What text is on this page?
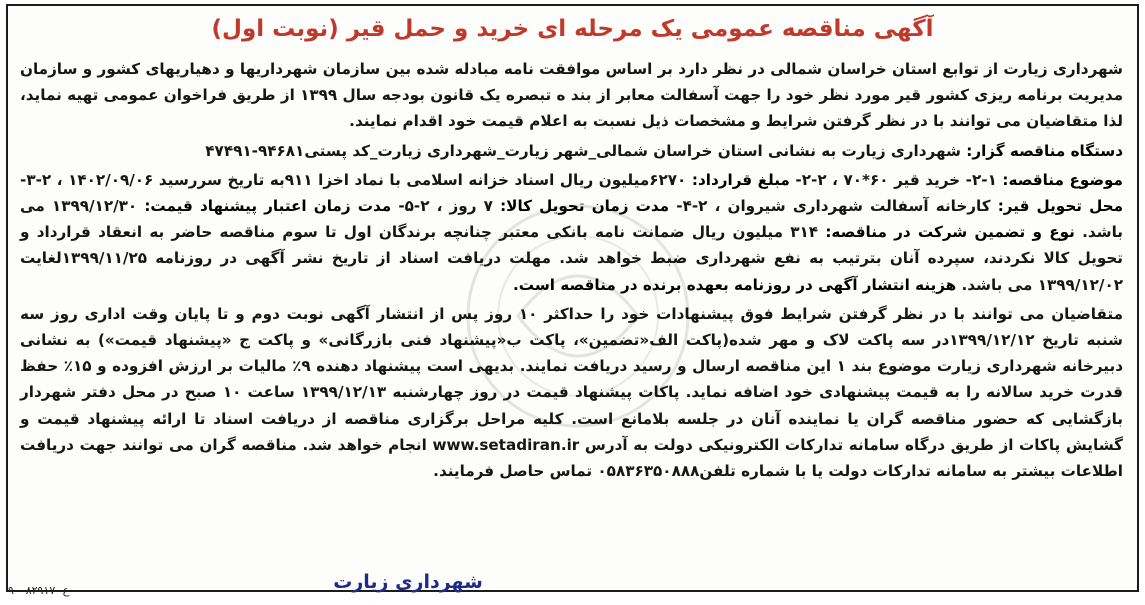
آگهی مناقصه عمومی یک مرحله ای خرید و حمل قیر (نوبت اول)

شهرداری زیارت از توابع استان خراسان شمالی در نظر دارد بر اساس موافقت نامه مبادله شده بین سازمان شهرداریها و دهیاریهای کشور و سازمان مدیریت برنامه ریزی کشور قیر مورد نظر خود را جهت آسفالت معابر از بند ه تبصره یک قانون بودجه سال ۱۳۹۹ از طریق فراخوان عمومی تهیه نماید، لذا متقاضیان می توانند با در نظر گرفتن شرایط و مشخصات ذیل نسبت به اعلام قیمت خود اقدام نمایند.

دستگاه مناقصه گزار: شهرداری زیارت به نشانی استان خراسان شمالی_شهر زیارت_شهرداری زیارت_کد پستی۹۴۶۸۱-۴۷۴۹۱

موضوع مناقصه: ۱-۲- خرید قیر ۶۰*۷۰ ، ۲-۲- مبلغ قرارداد: ۶۲۷۰میلیون ریال اسناد خزانه اسلامی با نماد اخزا ۹۱۱به تاریخ سررسید ۱۴۰۲/۰۹/۰۶ ، ۲-۳- محل تحویل قیر: کارخانه آسفالت شهرداری شیروان ، ۲-۴- مدت زمان تحویل کالا: ۷ روز ، ۲-۵- مدت زمان اعتبار پیشنهاد قیمت: ۱۳۹۹/۱۲/۳۰ می باشد. نوع و تضمین شرکت در مناقصه: ۳۱۴ میلیون ریال ضمانت نامه بانکی معتبر چنانچه برندگان اول تا سوم مناقصه حاضر به انعقاد قرارداد و تحویل کالا نکردند، سپرده آنان بترتیب به نفع شهرداری ضبط خواهد شد. مهلت دریافت اسناد از تاریخ نشر آگهی در روزنامه ۱۳۹۹/۱۱/۲۵لغایت ۱۳۹۹/۱۲/۰۲ می باشد. هزینه انتشار آگهی در روزنامه بعهده برنده در مناقصه است.

متقاضیان می توانند با در نظر گرفتن شرایط فوق پیشنهادات خود را حداکثر ۱۰ روز پس از انتشار آگهی نوبت دوم و تا پایان وقت اداری روز سه شنبه تاریخ ۱۳۹۹/۱۲/۱۲در سه پاکت لاک و مهر شده(پاکت الف«تضمین»، پاکت ب«پیشنهاد فنی بازرگانی» و پاکت ج «پیشنهاد قیمت») به نشانی دبیرخانه شهرداری زیارت موضوع بند ۱ این مناقصه ارسال و رسید دریافت نمایند. بدیهی است پیشنهاد دهنده ۹٪ مالیات بر ارزش افزوده و ۱۵٪ حفظ قدرت خرید سالانه را به قیمت پیشنهادی خود اضافه نماید. پاکات پیشنهاد قیمت در روز چهارشنبه ۱۳۹۹/۱۲/۱۳ ساعت ۱۰ صبح در محل دفتر شهردار بازگشایی که حضور مناقصه گران یا نماینده آنان در جلسه بلامانع است. کلیه مراحل برگزاری مناقصه از دریافت اسناد تا ارائه پیشنهاد قیمت و گشایش پاکات از طریق درگاه سامانه تدارکات الکترونیکی دولت به آدرس www.setadiran.ir انجام خواهد شد. مناقصه گران می توانند جهت دریافت اطلاعات بیشتر به سامانه تدارکات دولت یا با شماره تلفن۰۵۸۳۶۳۵۰۸۸۸ تماس حاصل فرمایند.

شهرداری زیارت
۹۰۰۸۲۹۱۷ -ع
